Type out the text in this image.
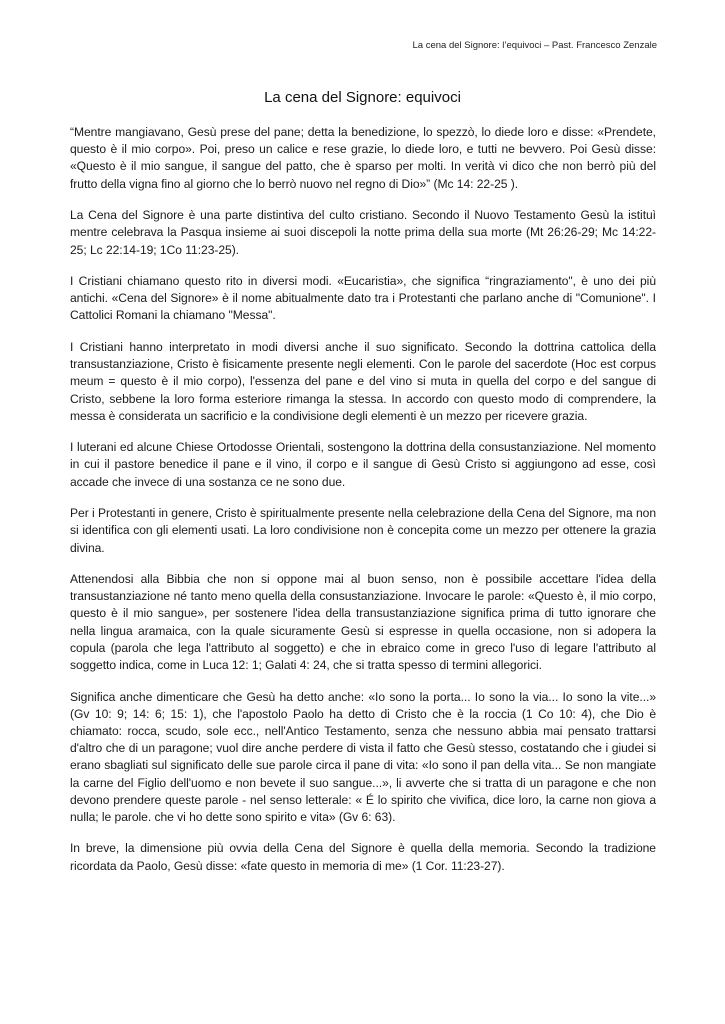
La cena del Signore: l’equivoci – Past. Francesco Zenzale
La cena del Signore: equivoci

“Mentre mangiavano, Gesù prese del pane; detta la benedizione, lo spezzò, lo diede loro e disse: «Prendete, questo è il mio corpo». Poi, preso un calice e rese grazie, lo diede loro, e tutti ne bevvero. Poi Gesù disse: «Questo è il mio sangue, il sangue del patto, che è sparso per molti. In verità vi dico che non berrò più del frutto della vigna fino al giorno che lo berrò nuovo nel regno di Dio»” (Mc 14: 22-25 ).

La Cena del Signore è una parte distintiva del culto cristiano. Secondo il Nuovo Testamento Gesù la istituì mentre celebrava la Pasqua insieme ai suoi discepoli la notte prima della sua morte (Mt 26:26-29; Mc 14:22-25; Lc 22:14-19; 1Co 11:23-25).

I Cristiani chiamano questo rito in diversi modi. «Eucaristia», che significa “ringraziamento", è uno dei più antichi. «Cena del Signore» è il nome abitualmente dato tra i Protestanti che parlano anche di "Comunione". I Cattolici Romani la chiamano "Messa".

I Cristiani hanno interpretato in modi diversi anche il suo significato. Secondo la dottrina cattolica della transustanziazione, Cristo è fisicamente presente negli elementi. Con le parole del sacerdote (Hoc est corpus meum = questo è il mio corpo), l'essenza del pane e del vino si muta in quella del corpo e del sangue di Cristo, sebbene la loro forma esteriore rimanga la stessa. In accordo con questo modo di comprendere, la messa è considerata un sacrificio e la condivisione degli elementi è un mezzo per ricevere grazia.

I luterani ed alcune Chiese Ortodosse Orientali, sostengono la dottrina della consustanziazione. Nel momento in cui il pastore benedice il pane e il vino, il corpo e il sangue di Gesù Cristo si aggiungono ad esse, così accade che invece di una sostanza ce ne sono due.

Per i Protestanti in genere, Cristo è spiritualmente presente nella celebrazione della Cena del Signore, ma non si identifica con gli elementi usati. La loro condivisione non è concepita come un mezzo per ottenere la grazia divina.

Attenendosi alla Bibbia che non si oppone mai al buon senso, non è possibile accettare l'idea della transustanziazione né tanto meno quella della consustanziazione. Invocare le parole: «Questo è, il mio corpo, questo è il mio sangue», per sostenere l'idea della transustanziazione significa prima di tutto ignorare che nella lingua aramaica, con la quale sicuramente Gesù si espresse in quella occasione, non si adopera la copula (parola che lega l'attributo al soggetto) e che in ebraico come in greco l'uso di legare l'attributo al soggetto indica, come in Luca 12: 1; Galati 4: 24, che si tratta spesso di termini allegorici.

Significa anche dimenticare che Gesù ha detto anche: «Io sono la porta... Io sono la via... Io sono la vite...» (Gv 10: 9; 14: 6; 15: 1), che l'apostolo Paolo ha detto di Cristo che è la roccia (1 Co 10: 4), che Dio è chiamato: rocca, scudo, sole ecc., nell'Antico Testamento, senza che nessuno abbia mai pensato trattarsi d'altro che di un paragone; vuol dire anche perdere di vista il fatto che Gesù stesso, costatando che i giudei si erano sbagliati sul significato delle sue parole circa il pane di vita: «Io sono il pan della vita... Se non mangiate la carne del Figlio dell'uomo e non bevete il suo sangue...», li avverte che si tratta di un paragone e che non devono prendere queste parole - nel senso letterale: « É lo spirito che vivifica, dice loro, la carne non giova a nulla; le parole. che vi ho dette sono spirito e vita» (Gv 6: 63).

In breve, la dimensione più ovvia della Cena del Signore è quella della memoria. Secondo la tradizione ricordata da Paolo, Gesù disse: «fate questo in memoria di me» (1 Cor. 11:23-27).
